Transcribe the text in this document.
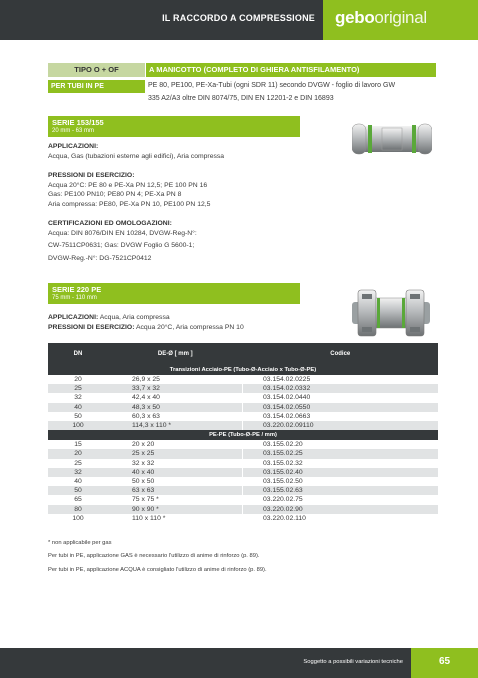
IL RACCORDO A COMPRESSIONE gebooriginal
TIPO O + OF	A MANICOTTO (COMPLETO DI GHIERA ANTISFILAMENTO)
PER TUBI IN PE	PE 80, PE100, PE-Xa-Tubi (ogni SDR 11) secondo DVGW - foglio di lavoro GW
335 A2/A3 oltre DIN 8074/75, DIN EN 12201-2 e DIN 16893
SERIE 153/155
20 mm - 63 mm
APPLICAZIONI:
Acqua, Gas (tubazioni esterne agli edifici), Aria compressa
PRESSIONI DI ESERCIZIO:
Acqua 20°C: PE 80 e PE-Xa PN 12,5; PE 100 PN 16
Gas: PE100 PN10; PE80 PN 4; PE-Xa PN 8
Aria compressa: PE80, PE-Xa PN 10, PE100 PN 12,5
CERTIFICAZIONI ED OMOLOGAZIONI:
Acqua: DIN 8076/DIN EN 10284, DVGW-Reg-N°:
CW-7511CP0631; Gas: DVGW Foglio G 5600-1;
DVGW-Reg.-N°: DG-7521CP0412
SERIE 220 PE
75 mm - 110 mm
APPLICAZIONI: Acqua, Aria compressa
PRESSIONI DI ESERCIZIO: Acqua 20°C, Aria compressa PN 10
DN	DE-Ø [ mm ]	Codice
Transizioni Acciaio-PE (Tubo-Ø-Acciaio x Tubo-Ø-PE)		
20	26,9 x 25	03.154.02.0225
25	33,7 x 32	03.154.02.0332
32	42,4 x 40	03.154.02.0440
40	48,3 x 50	03.154.02.0550
50	60,3 x 63	03.154.02.0663
100	114,3 x 110 *	03.220.02.09110
PE-PE (Tubo-Ø-PE / mm)		
15	20 x 20	03.155.02.20
20	25 x 25	03.155.02.25
25	32 x 32	03.155.02.32
32	40 x 40	03.155.02.40
40	50 x 50	03.155.02.50
50	63 x 63	03.155.02.63
65	75 x 75 *	03.220.02.75
80	90 x 90 *	03.220.02.90
100	110 x 110 *	03.220.02.110
* non applicabile per gas
Per tubi in PE, applicazione GAS è necessario l'utilizzo di anime di rinforzo (p. 89).
Per tubi in PE, applicazione ACQUA è consigliato l'utilizzo di anime di rinforzo (p. 89).
Soggetto a possibili variazioni tecniche	65
